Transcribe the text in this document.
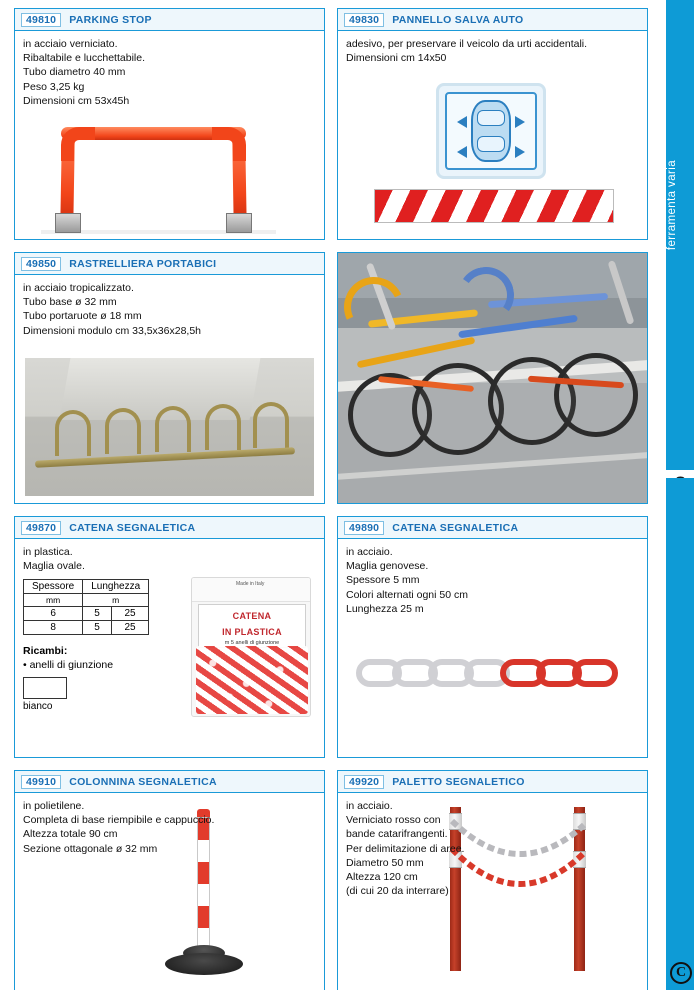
ferramenta varia
C
49810	PARKING STOP
in acciaio verniciato.
Ribaltabile e lucchettabile.
Tubo diametro 40 mm
Peso 3,25 kg
Dimensioni cm 53x45h
49830	PANNELLO SALVA AUTO
adesivo, per preservare il veicolo da urti accidentali.
Dimensioni cm 14x50
49850	RASTRELLIERA PORTABICI
in acciaio tropicalizzato.
Tubo base ø 32 mm
Tubo portaruote ø 18 mm
Dimensioni modulo cm 33,5x36x28,5h
49870	CATENA SEGNALETICA
in plastica.
Maglia ovale.
Spessore	Lunghezza	
mm	m	
6	5	25
8	5	25
Ricambi:
• anelli di giunzione
bianco
Made in Italy
CATENA
IN PLASTICA
m 5 anelli di giunzione
49890	CATENA SEGNALETICA
in acciaio.
Maglia genovese.
Spessore 5 mm
Colori alternati ogni 50 cm
Lunghezza 25 m
49910	COLONNINA SEGNALETICA
in polietilene.
Completa di base riempibile e cappuccio.
Altezza totale 90 cm
Sezione ottagonale ø 32 mm
49920	PALETTO SEGNALETICO
in acciaio.
Verniciato rosso con
bande catarifrangenti.
Per delimitazione di aree.
Diametro 50 mm
Altezza 120 cm
(di cui 20 da interrare)
